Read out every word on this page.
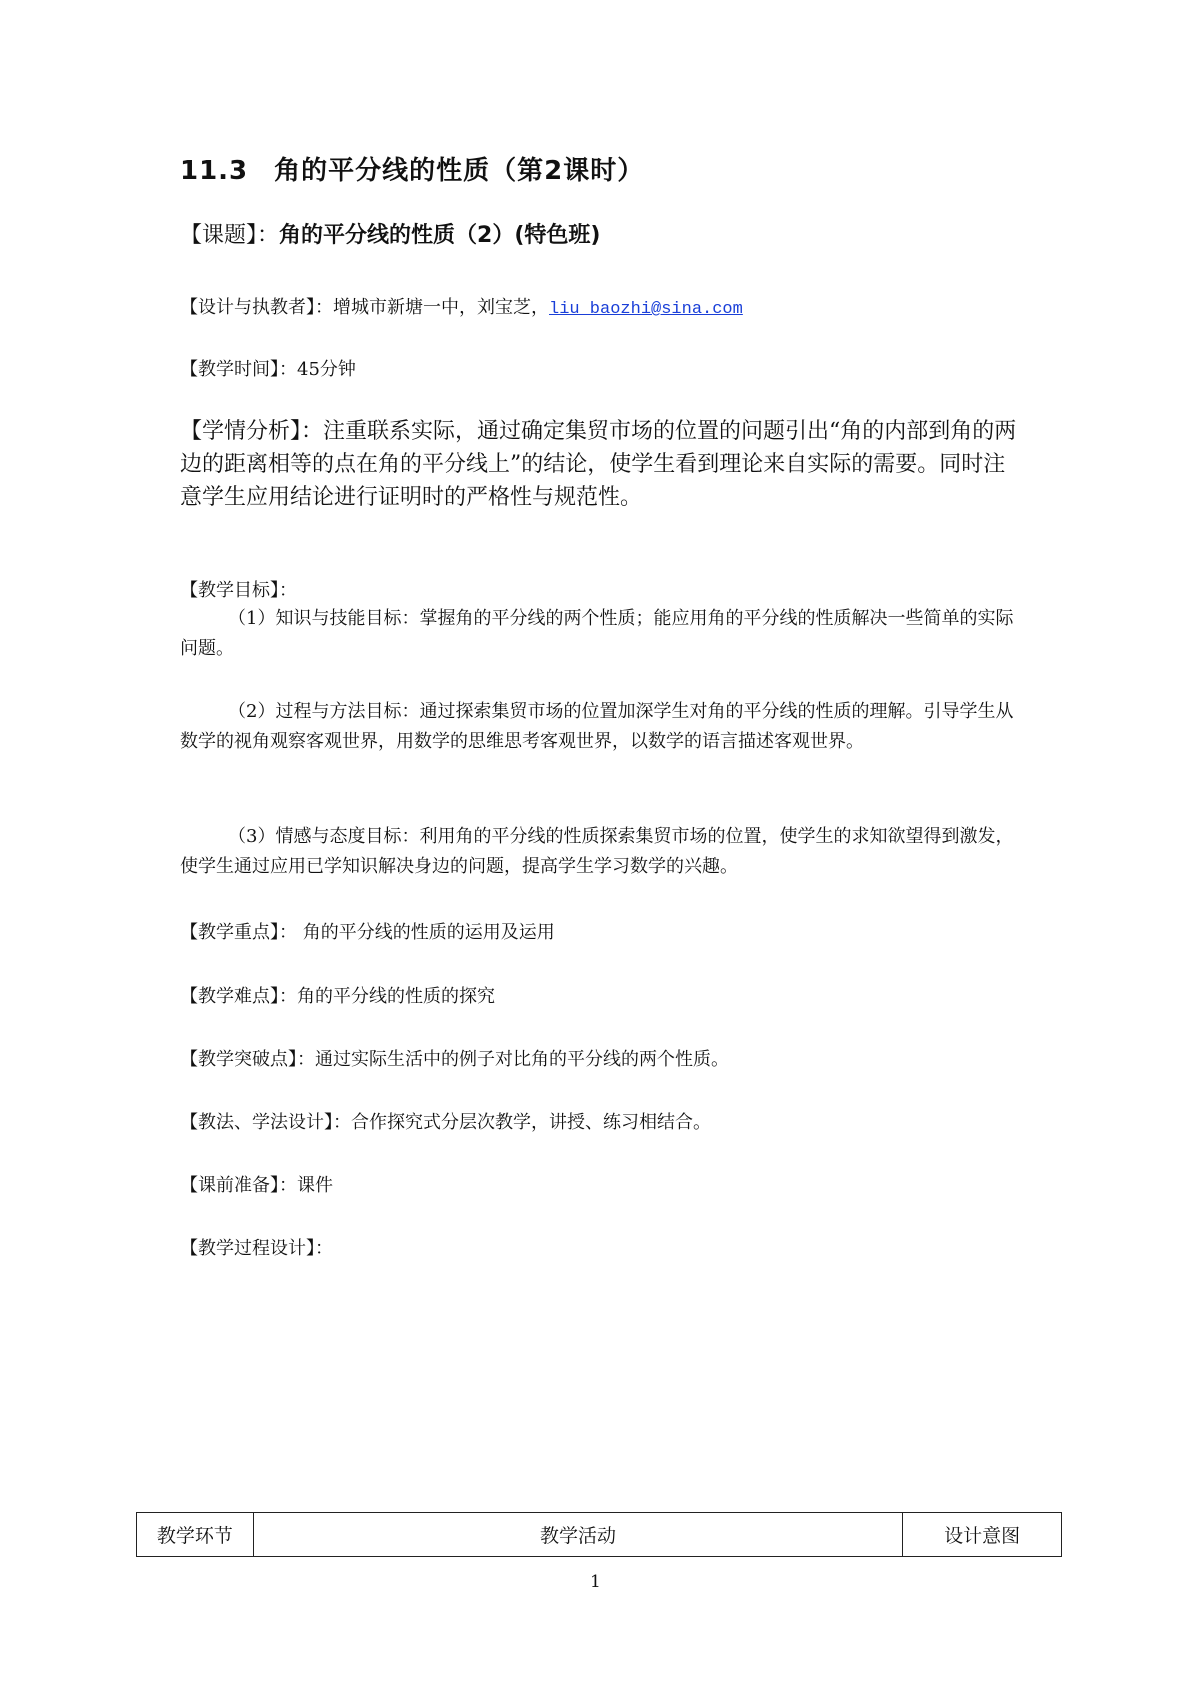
11.3 角的平分线的性质（第2课时）
【课题】：角的平分线的性质（2）(特色班)
【设计与执教者】：增城市新塘一中，刘宝芝，liu_baozhi@sina.com
【教学时间】：45分钟
【学情分析】：注重联系实际，通过确定集贸市场的位置的问题引出“角的内部到角的两边的距离相等的点在角的平分线上”的结论，使学生看到理论来自实际的需要。同时注意学生应用结论进行证明时的严格性与规范性。
【教学目标】：
（1）知识与技能目标：掌握角的平分线的两个性质；能应用角的平分线的性质解决一些简单的实际问题。
（2）过程与方法目标：通过探索集贸市场的位置加深学生对角的平分线的性质的理解。引导学生从数学的视角观察客观世界，用数学的思维思考客观世界，以数学的语言描述客观世界。
（3）情感与态度目标：利用角的平分线的性质探索集贸市场的位置，使学生的求知欲望得到激发，使学生通过应用已学知识解决身边的问题，提高学生学习数学的兴趣。
【教学重点】： 角的平分线的性质的运用及运用
【教学难点】：角的平分线的性质的探究
【教学突破点】：通过实际生活中的例子对比角的平分线的两个性质。
【教法、学法设计】：合作探究式分层次教学，讲授、练习相结合。
【课前准备】：课件
【教学过程设计】：
教学环节	教学活动	设计意图
1
